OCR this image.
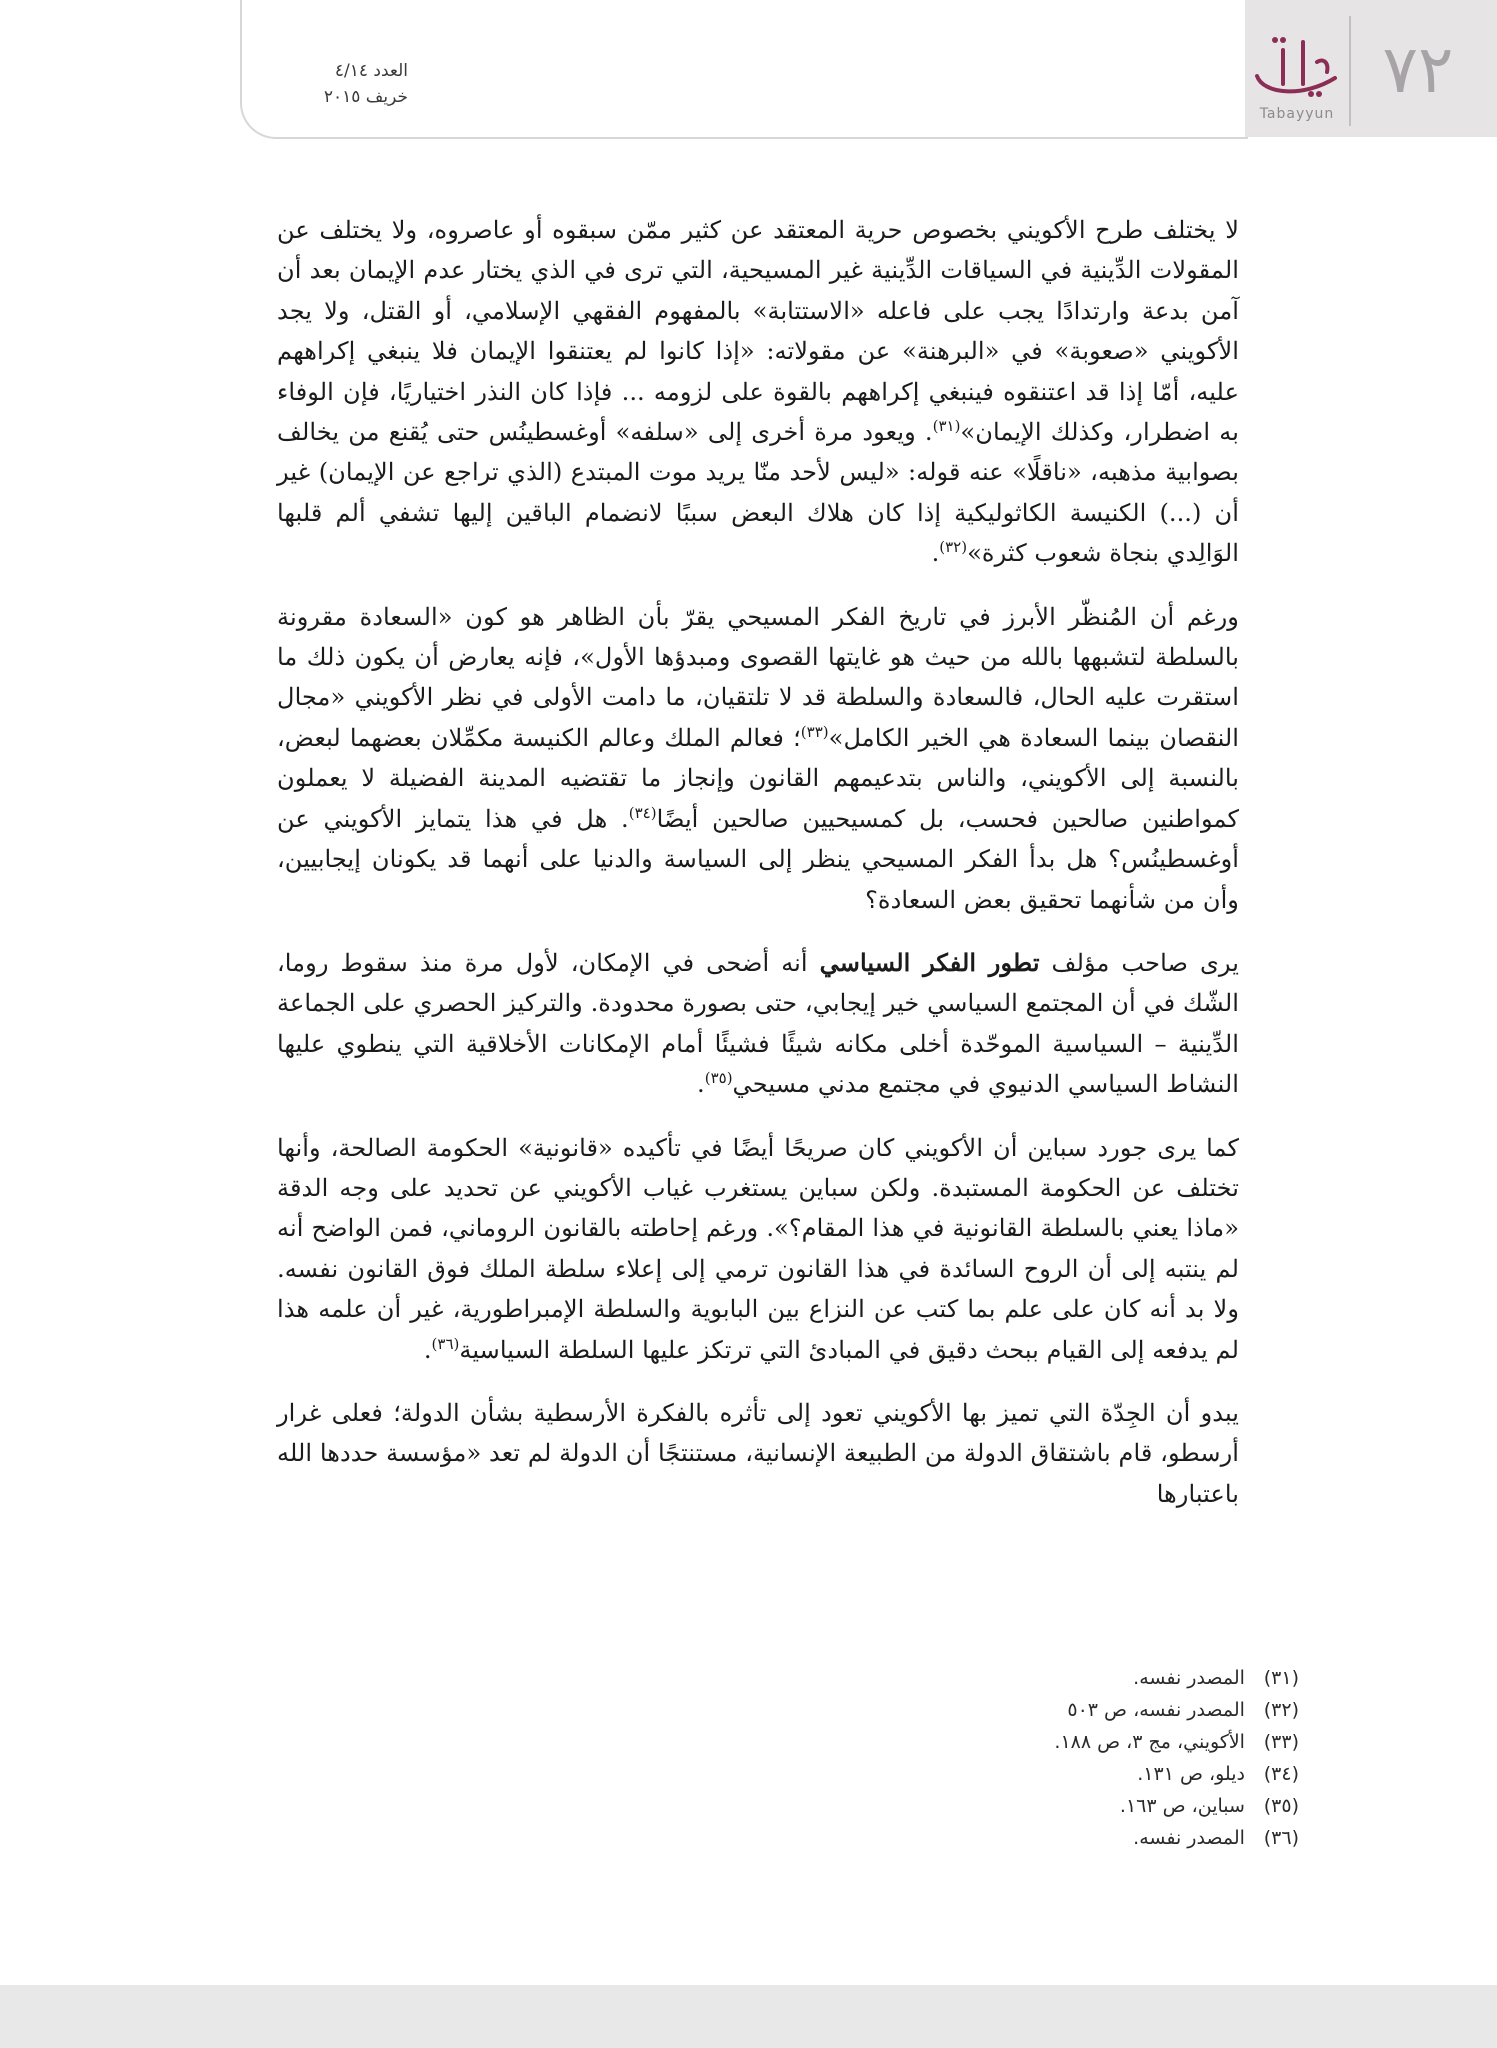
العدد ٤/١٤
خريف ٢٠١٥	٧٢
Tabayyun

لا يختلف طرح الأكويني بخصوص حرية المعتقد عن كثير ممّن سبقوه أو عاصروه، ولا يختلف عن المقولات الدِّينية في السياقات الدِّينية غير المسيحية، التي ترى في الذي يختار عدم الإيمان بعد أن آمن بدعة وارتدادًا يجب على فاعله «الاستتابة» بالمفهوم الفقهي الإسلامي، أو القتل، ولا يجد الأكويني «صعوبة» في «البرهنة» عن مقولاته: «إذا كانوا لم يعتنقوا الإيمان فلا ينبغي إكراههم عليه، أمّا إذا قد اعتنقوه فينبغي إكراههم بالقوة على لزومه ... فإذا كان النذر اختياريًا، فإن الوفاء به اضطرار، وكذلك الإيمان»$^{(٣١)}$. ويعود مرة أخرى إلى «سلفه» أوغسطينُس حتى يُقنع من يخالف بصوابية مذهبه، «ناقلًا» عنه قوله: «ليس لأحد منّا يريد موت المبتدع (الذي تراجع عن الإيمان) غير أن (...) الكنيسة الكاثوليكية إذا كان هلاك البعض سببًا لانضمام الباقين إليها تشفي ألم قلبها الوَالِدي بنجاة شعوب كثرة»$^{(٣٢)}$.

ورغم أن المُنظّر الأبرز في تاريخ الفكر المسيحي يقرّ بأن الظاهر هو كون «السعادة مقرونة بالسلطة لتشبهها بالله من حيث هو غايتها القصوى ومبدؤها الأول»، فإنه يعارض أن يكون ذلك ما استقرت عليه الحال، فالسعادة والسلطة قد لا تلتقيان، ما دامت الأولى في نظر الأكويني «مجال النقصان بينما السعادة هي الخير الكامل»$^{(٣٣)}$؛ فعالم الملك وعالم الكنيسة مكمِّلان بعضهما لبعض، بالنسبة إلى الأكويني، والناس بتدعيمهم القانون وإنجاز ما تقتضيه المدينة الفضيلة لا يعملون كمواطنين صالحين فحسب، بل كمسيحيين صالحين أيضًا$^{(٣٤)}$. هل في هذا يتمايز الأكويني عن أوغسطينُس؟ هل بدأ الفكر المسيحي ينظر إلى السياسة والدنيا على أنهما قد يكونان إيجابيين، وأن من شأنهما تحقيق بعض السعادة؟

يرى صاحب مؤلف تطور الفكر السياسي أنه أضحى في الإمكان، لأول مرة منذ سقوط روما، الشّك في أن المجتمع السياسي خير إيجابي، حتى بصورة محدودة. والتركيز الحصري على الجماعة الدِّينية – السياسية الموحّدة أخلى مكانه شيئًا فشيئًا أمام الإمكانات الأخلاقية التي ينطوي عليها النشاط السياسي الدنيوي في مجتمع مدني مسيحي$^{(٣٥)}$.

كما يرى جورد سباين أن الأكويني كان صريحًا أيضًا في تأكيده «قانونية» الحكومة الصالحة، وأنها تختلف عن الحكومة المستبدة. ولكن سباين يستغرب غياب الأكويني عن تحديد على وجه الدقة «ماذا يعني بالسلطة القانونية في هذا المقام؟». ورغم إحاطته بالقانون الروماني، فمن الواضح أنه لم ينتبه إلى أن الروح السائدة في هذا القانون ترمي إلى إعلاء سلطة الملك فوق القانون نفسه. ولا بد أنه كان على علم بما كتب عن النزاع بين البابوية والسلطة الإمبراطورية، غير أن علمه هذا لم يدفعه إلى القيام ببحث دقيق في المبادئ التي ترتكز عليها السلطة السياسية$^{(٣٦)}$.

يبدو أن الجِدّة التي تميز بها الأكويني تعود إلى تأثره بالفكرة الأرسطية بشأن الدولة؛ فعلى غرار أرسطو، قام باشتقاق الدولة من الطبيعة الإنسانية، مستنتجًا أن الدولة لم تعد «مؤسسة حددها الله باعتبارها

(٣١) المصدر نفسه.
(٣٢) المصدر نفسه، ص ٥٠٣
(٣٣) الأكويني، مج ٣، ص ١٨٨.
(٣٤) ديلو، ص ١٣١.
(٣٥) سباين، ص ١٦٣.
(٣٦) المصدر نفسه.
